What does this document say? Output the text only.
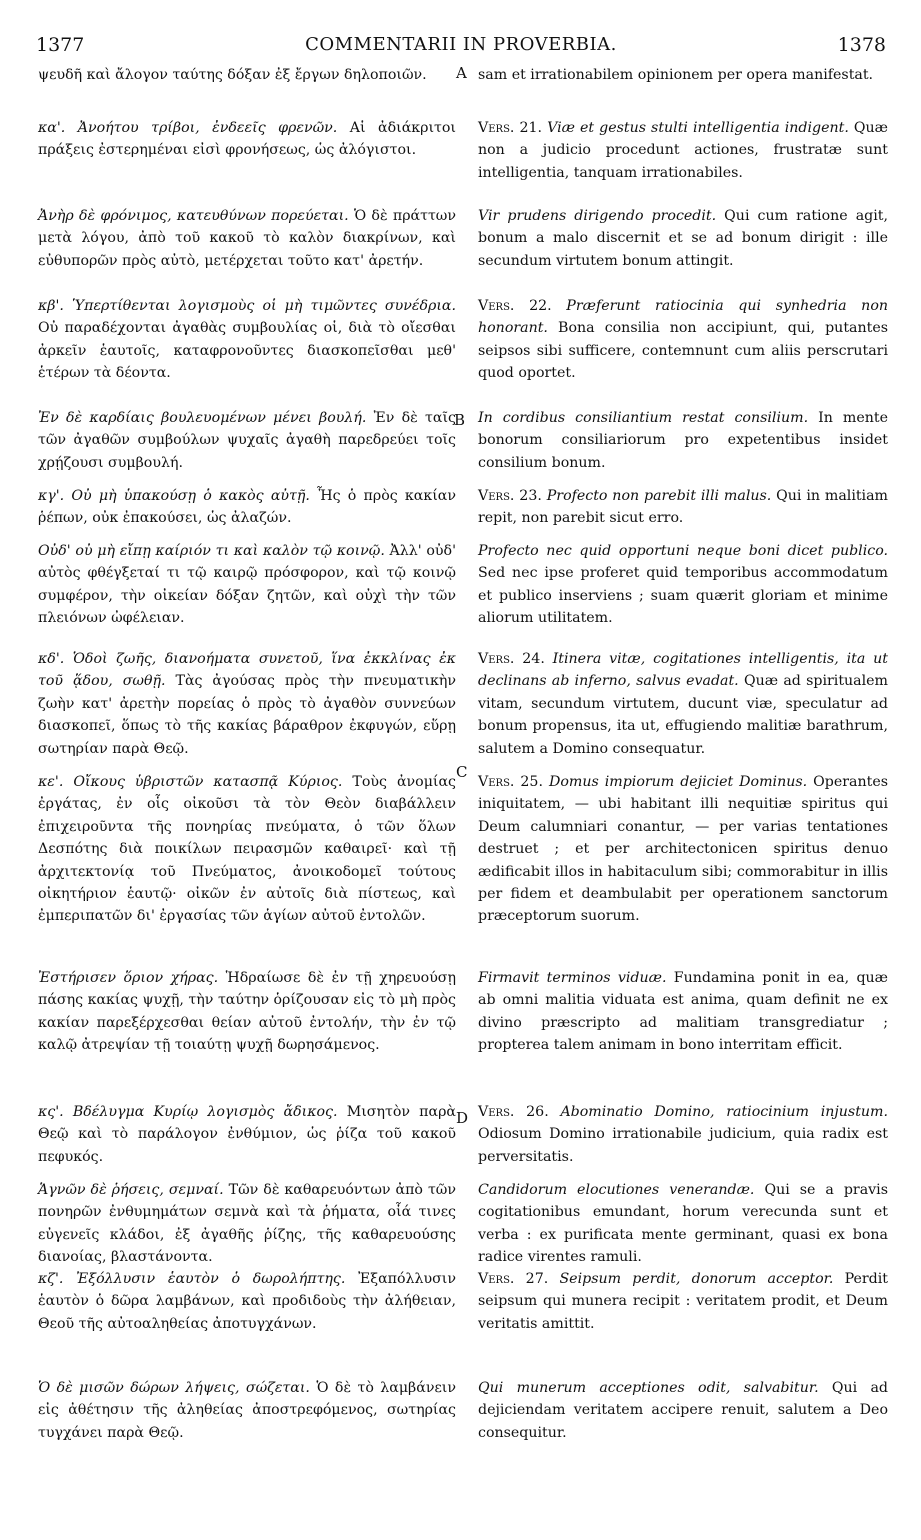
1377	COMMENTARII IN PROVERBIA.	1378
A
B
C
D
ψευδῆ καὶ ἄλογον ταύτης δόξαν ἐξ ἔργων δηλοποιῶν.
κα'. Ἀνοήτου τρίβοι, ἐνδεεῖς φρενῶν. Αἱ ἀδιάκριτοι πράξεις ἐστερημέναι εἰσὶ φρονήσεως, ὡς ἀλόγιστοι.
Ἀνὴρ δὲ φρόνιμος, κατευθύνων πορεύεται. Ὁ δὲ πράττων μετὰ λόγου, ἀπὸ τοῦ κακοῦ τὸ καλὸν διακρίνων, καὶ εὐθυπορῶν πρὸς αὐτὸ, μετέρχεται τοῦτο κατ' ἀρετήν.
κβ'. Ὑπερτίθενται λογισμοὺς οἱ μὴ τιμῶντες συνέδρια. Οὐ παραδέχονται ἀγαθὰς συμβουλίας οἱ, διὰ τὸ οἴεσθαι ἀρκεῖν ἑαυτοῖς, καταφρονοῦντες διασκοπεῖσθαι μεθ' ἑτέρων τὰ δέοντα.
Ἐν δὲ καρδίαις βουλευομένων μένει βουλή. Ἐν δὲ ταῖς τῶν ἀγαθῶν συμβούλων ψυχαῖς ἀγαθὴ παρεδρεύει τοῖς χρῄζουσι συμβουλή.
κγ'. Οὐ μὴ ὑπακούσῃ ὁ κακὸς αὐτῇ. Ἧς ὁ πρὸς κακίαν ῥέπων, οὐκ ἐπακούσει, ὡς ἀλαζών.
Οὐδ' οὐ μὴ εἴπῃ καίριόν τι καὶ καλὸν τῷ κοινῷ. Ἀλλ' οὐδ' αὐτὸς φθέγξεταί τι τῷ καιρῷ πρόσφορον, καὶ τῷ κοινῷ συμφέρον, τὴν οἰκείαν δόξαν ζητῶν, καὶ οὐχὶ τὴν τῶν πλειόνων ὠφέλειαν.
κδ'. Ὁδοὶ ζωῆς, διανοήματα συνετοῦ, ἵνα ἐκκλίνας ἐκ τοῦ ᾅδου, σωθῇ. Τὰς ἀγούσας πρὸς τὴν πνευματικὴν ζωὴν κατ' ἀρετὴν πορείας ὁ πρὸς τὸ ἀγαθὸν συννεύων διασκοπεῖ, ὅπως τὸ τῆς κακίας βάραθρον ἐκφυγών, εὕρῃ σωτηρίαν παρὰ Θεῷ.
κε'. Οἴκους ὑβριστῶν κατασπᾷ Κύριος. Τοὺς ἀνομίας ἐργάτας, ἐν οἷς οἰκοῦσι τὰ τὸν Θεὸν διαβάλλειν ἐπιχειροῦντα τῆς πονηρίας πνεύματα, ὁ τῶν ὅλων Δεσπότης διὰ ποικίλων πειρασμῶν καθαιρεῖ· καὶ τῇ ἀρχιτεκτονίᾳ τοῦ Πνεύματος, ἀνοικοδομεῖ τούτους οἰκητήριον ἑαυτῷ· οἰκῶν ἐν αὐτοῖς διὰ πίστεως, καὶ ἐμπεριπατῶν δι' ἐργασίας τῶν ἁγίων αὐτοῦ ἐντολῶν.
Ἐστήρισεν ὅριον χήρας. Ἡδραίωσε δὲ ἐν τῇ χηρευούσῃ πάσης κακίας ψυχῇ, τὴν ταύτην ὁρίζουσαν εἰς τὸ μὴ πρὸς κακίαν παρεξέρχεσθαι θείαν αὐτοῦ ἐντολήν, τὴν ἐν τῷ καλῷ ἀτρεψίαν τῇ τοιαύτῃ ψυχῇ δωρησάμενος.
κς'. Βδέλυγμα Κυρίῳ λογισμὸς ἄδικος. Μισητὸν παρὰ Θεῷ καὶ τὸ παράλογον ἐνθύμιον, ὡς ῥίζα τοῦ κακοῦ πεφυκός.
Ἁγνῶν δὲ ῥήσεις, σεμναί. Τῶν δὲ καθαρευόντων ἀπὸ τῶν πονηρῶν ἐνθυμημάτων σεμνὰ καὶ τὰ ῥήματα, οἷά τινες εὐγενεῖς κλάδοι, ἐξ ἀγαθῆς ῥίζης, τῆς καθαρευούσης διανοίας, βλαστάνοντα.
κζ'. Ἐξόλλυσιν ἑαυτὸν ὁ δωρολήπτης. Ἐξαπόλλυσιν ἑαυτὸν ὁ δῶρα λαμβάνων, καὶ προδιδοὺς τὴν ἀλήθειαν, Θεοῦ τῆς αὐτοαληθείας ἀποτυγχάνων.
Ὁ δὲ μισῶν δώρων λήψεις, σώζεται. Ὁ δὲ τὸ λαμβάνειν εἰς ἀθέτησιν τῆς ἀληθείας ἀποστρεφόμενος, σωτηρίας τυγχάνει παρὰ Θεῷ.
sam et irrationabilem opinionem per opera manifestat.
Vers. 21. Viæ et gestus stulti intelligentia indigent. Quæ non a judicio procedunt actiones, frustratæ sunt intelligentia, tanquam irrationabiles.
Vir prudens dirigendo procedit. Qui cum ratione agit, bonum a malo discernit et se ad bonum dirigit : ille secundum virtutem bonum attingit.
Vers. 22. Præferunt ratiocinia qui synhedria non honorant. Bona consilia non accipiunt, qui, putantes seipsos sibi sufficere, contemnunt cum aliis perscrutari quod oportet.
In cordibus consiliantium restat consilium. In mente bonorum consiliariorum pro expetentibus insidet consilium bonum.
Vers. 23. Profecto non parebit illi malus. Qui in malitiam repit, non parebit sicut erro.
Profecto nec quid opportuni neque boni dicet publico. Sed nec ipse proferet quid temporibus accommodatum et publico inserviens ; suam quærit gloriam et minime aliorum utilitatem.
Vers. 24. Itinera vitæ, cogitationes intelligentis, ita ut declinans ab inferno, salvus evadat. Quæ ad spiritualem vitam, secundum virtutem, ducunt viæ, speculatur ad bonum propensus, ita ut, effugiendo malitiæ barathrum, salutem a Domino consequatur.
Vers. 25. Domus impiorum dejiciet Dominus. Operantes iniquitatem, — ubi habitant illi nequitiæ spiritus qui Deum calumniari conantur, — per varias tentationes destruet ; et per architectonicen spiritus denuo ædificabit illos in habitaculum sibi; commorabitur in illis per fidem et deambulabit per operationem sanctorum præceptorum suorum.
Firmavit terminos viduæ. Fundamina ponit in ea, quæ ab omni malitia viduata est anima, quam definit ne ex divino præscripto ad malitiam transgrediatur ; propterea talem animam in bono interritam efficit.
Vers. 26. Abominatio Domino, ratiocinium injustum. Odiosum Domino irrationabile judicium, quia radix est perversitatis.
Candidorum elocutiones venerandæ. Qui se a pravis cogitationibus emundant, horum verecunda sunt et verba : ex purificata mente germinant, quasi ex bona radice virentes ramuli.
Vers. 27. Seipsum perdit, donorum acceptor. Perdit seipsum qui munera recipit : veritatem prodit, et Deum veritatis amittit.
Qui munerum acceptiones odit, salvabitur. Qui ad dejiciendam veritatem accipere renuit, salutem a Deo consequitur.
